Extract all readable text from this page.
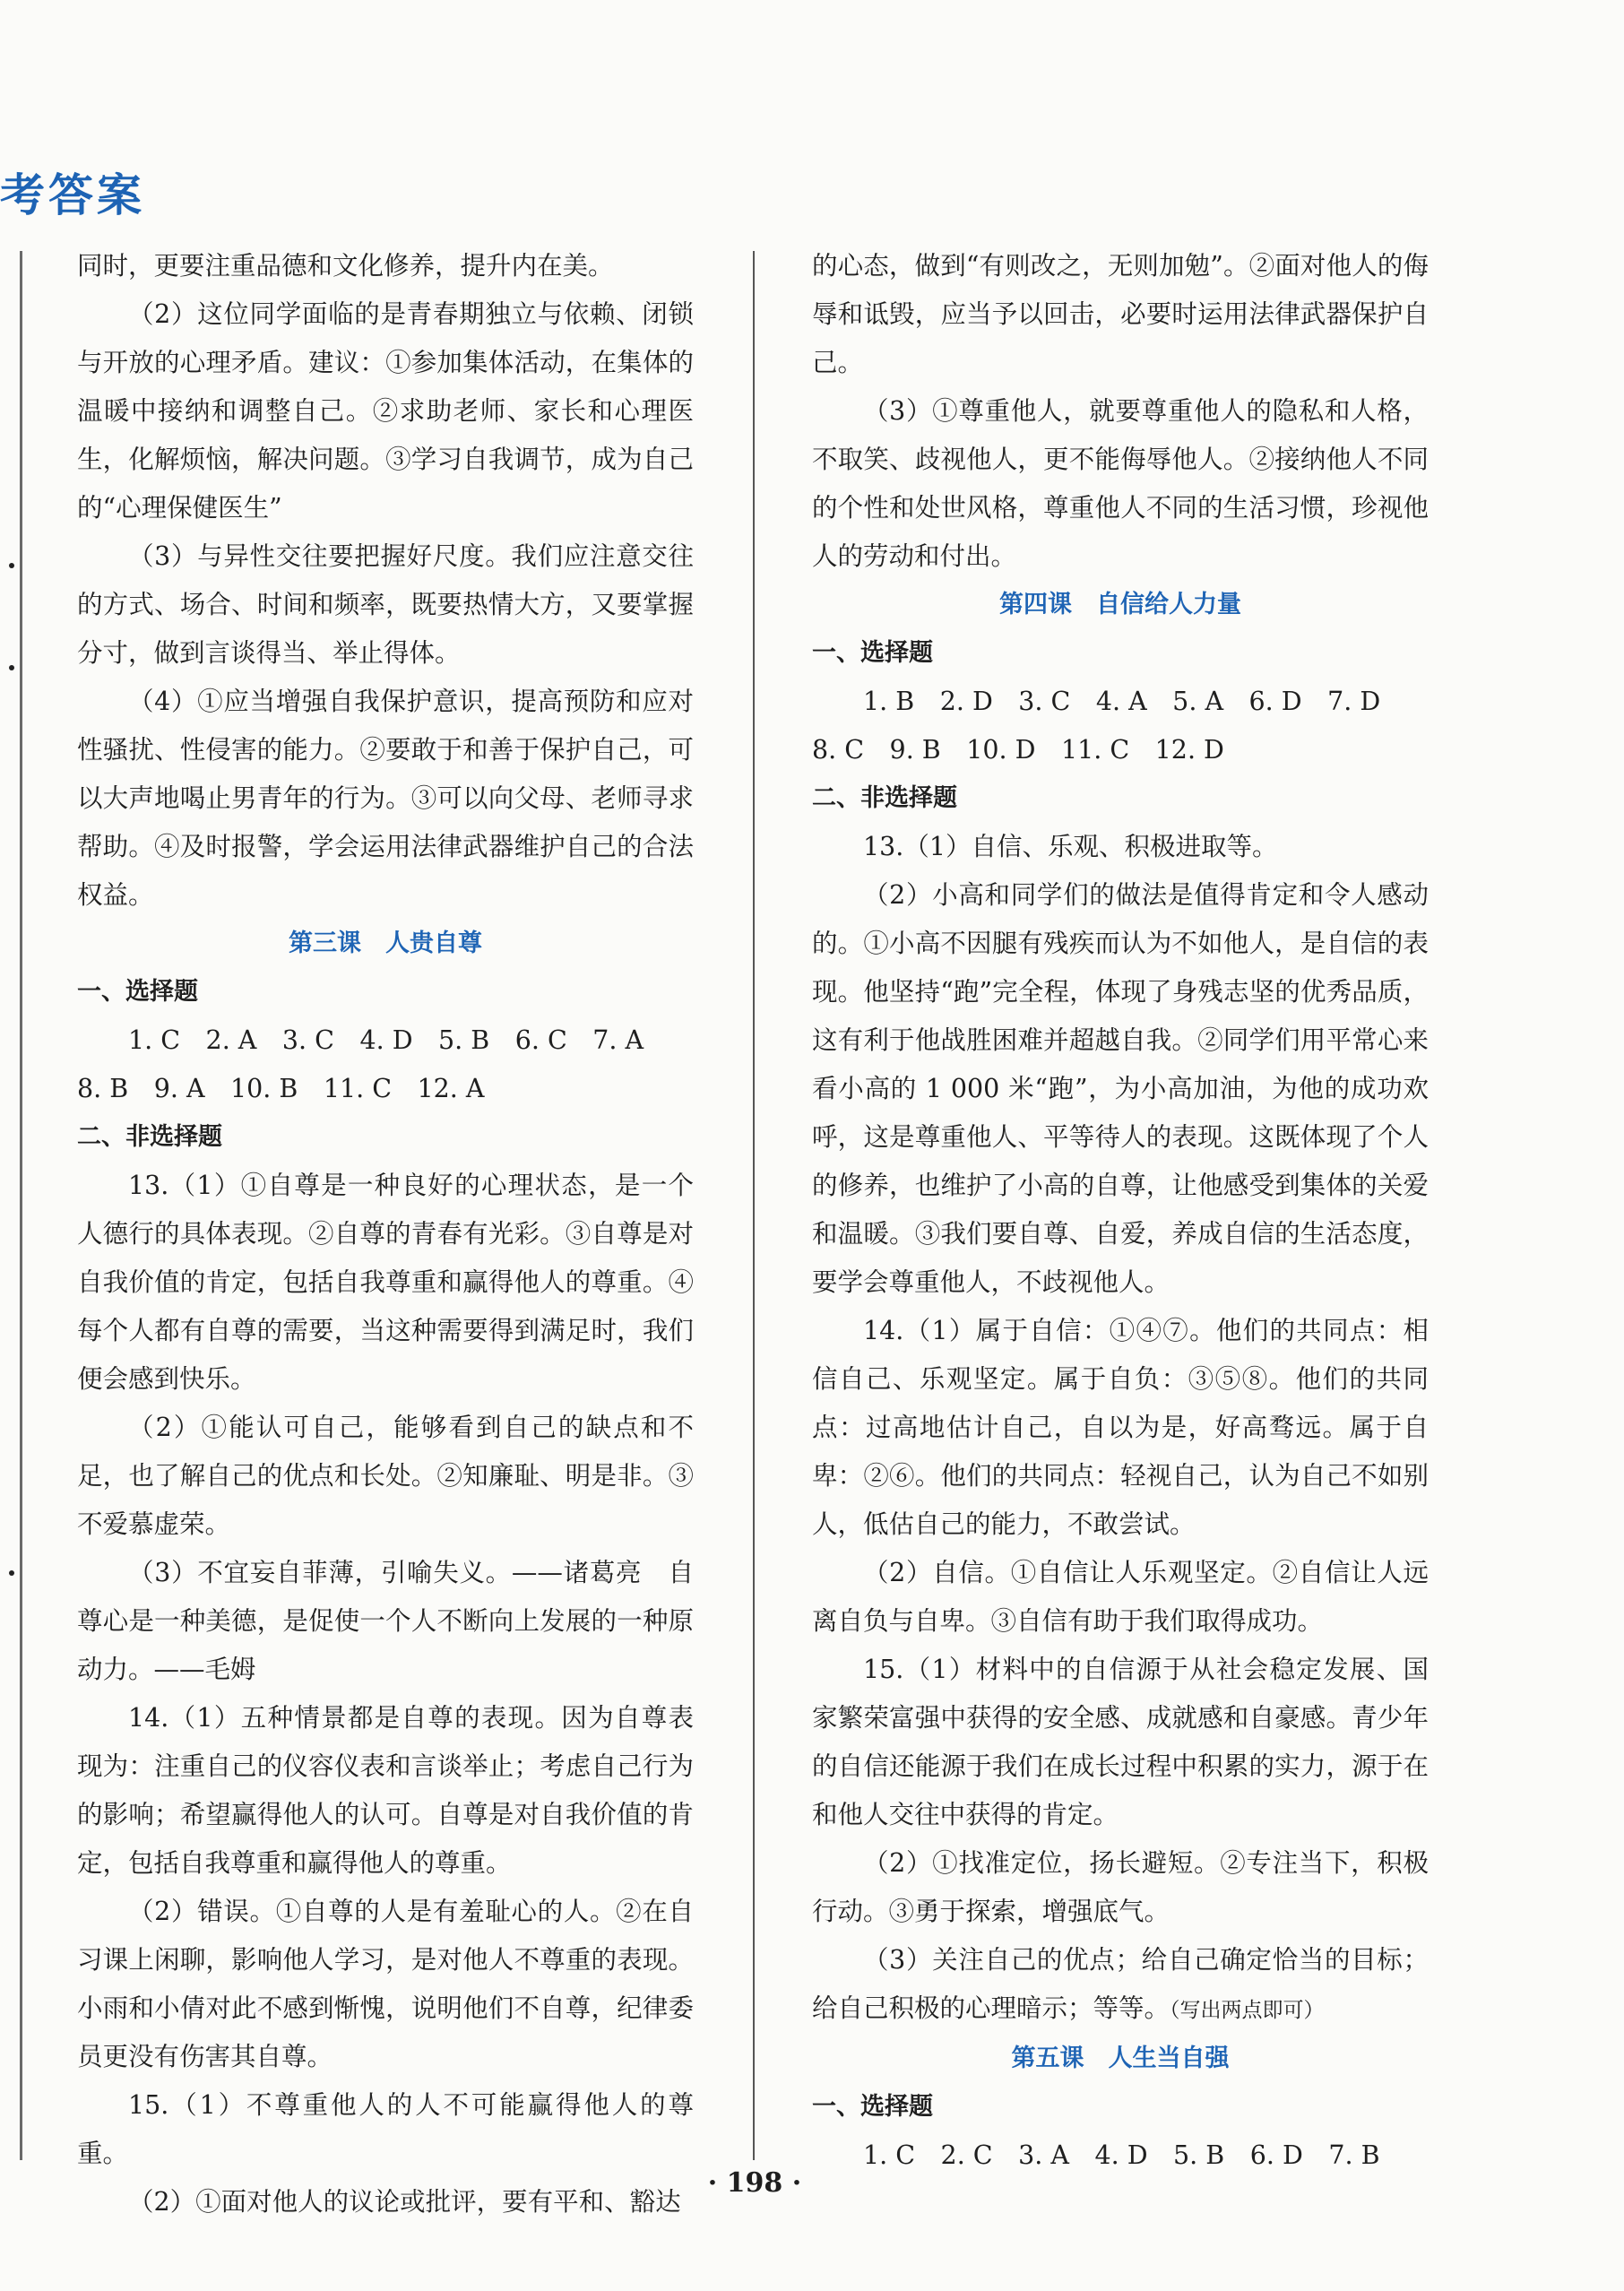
考答案

同时，更要注重品德和文化修养，提升内在美。

（2）这位同学面临的是青春期独立与依赖、闭锁与开放的心理矛盾。建议：①参加集体活动，在集体的温暖中接纳和调整自己。②求助老师、家长和心理医生，化解烦恼，解决问题。③学习自我调节，成为自己的“心理保健医生”

（3）与异性交往要把握好尺度。我们应注意交往的方式、场合、时间和频率，既要热情大方，又要掌握分寸，做到言谈得当、举止得体。

（4）①应当增强自我保护意识，提高预防和应对性骚扰、性侵害的能力。②要敢于和善于保护自己，可以大声地喝止男青年的行为。③可以向父母、老师寻求帮助。④及时报警，学会运用法律武器维护自己的合法权益。

第三课　人贵自尊

一、选择题

1. C　2. A　3. C　4. D　5. B　6. C　7. A

8. B　9. A　10. B　11. C　12. A

二、非选择题

13.（1）①自尊是一种良好的心理状态，是一个人德行的具体表现。②自尊的青春有光彩。③自尊是对自我价值的肯定，包括自我尊重和赢得他人的尊重。④每个人都有自尊的需要，当这种需要得到满足时，我们便会感到快乐。

（2）①能认可自己，能够看到自己的缺点和不足，也了解自己的优点和长处。②知廉耻、明是非。③不爱慕虚荣。

（3）不宜妄自菲薄，引喻失义。——诸葛亮　自尊心是一种美德，是促使一个人不断向上发展的一种原动力。——毛姆

14.（1）五种情景都是自尊的表现。因为自尊表现为：注重自己的仪容仪表和言谈举止；考虑自己行为的影响；希望赢得他人的认可。自尊是对自我价值的肯定，包括自我尊重和赢得他人的尊重。

（2）错误。①自尊的人是有羞耻心的人。②在自习课上闲聊，影响他人学习，是对他人不尊重的表现。小雨和小倩对此不感到惭愧，说明他们不自尊，纪律委员更没有伤害其自尊。

15.（1）不尊重他人的人不可能赢得他人的尊重。

（2）①面对他人的议论或批评，要有平和、豁达

的心态，做到“有则改之，无则加勉”。②面对他人的侮辱和诋毁，应当予以回击，必要时运用法律武器保护自己。

（3）①尊重他人，就要尊重他人的隐私和人格，不取笑、歧视他人，更不能侮辱他人。②接纳他人不同的个性和处世风格，尊重他人不同的生活习惯，珍视他人的劳动和付出。

第四课　自信给人力量

一、选择题

1. B　2. D　3. C　4. A　5. A　6. D　7. D

8. C　9. B　10. D　11. C　12. D

二、非选择题

13.（1）自信、乐观、积极进取等。

（2）小高和同学们的做法是值得肯定和令人感动的。①小高不因腿有残疾而认为不如他人，是自信的表现。他坚持“跑”完全程，体现了身残志坚的优秀品质，这有利于他战胜困难并超越自我。②同学们用平常心来看小高的 1 000 米“跑”，为小高加油，为他的成功欢呼，这是尊重他人、平等待人的表现。这既体现了个人的修养，也维护了小高的自尊，让他感受到集体的关爱和温暖。③我们要自尊、自爱，养成自信的生活态度，要学会尊重他人，不歧视他人。

14.（1）属于自信：①④⑦。他们的共同点：相信自己、乐观坚定。属于自负：③⑤⑧。他们的共同点：过高地估计自己，自以为是，好高骛远。属于自卑：②⑥。他们的共同点：轻视自己，认为自己不如别人，低估自己的能力，不敢尝试。

（2）自信。①自信让人乐观坚定。②自信让人远离自负与自卑。③自信有助于我们取得成功。

15.（1）材料中的自信源于从社会稳定发展、国家繁荣富强中获得的安全感、成就感和自豪感。青少年的自信还能源于我们在成长过程中积累的实力，源于在和他人交往中获得的肯定。

（2）①找准定位，扬长避短。②专注当下，积极行动。③勇于探索，增强底气。

（3）关注自己的优点；给自己确定恰当的目标；给自己积极的心理暗示；等等。（写出两点即可）

第五课　人生当自强

一、选择题

1. C　2. C　3. A　4. D　5. B　6. D　7. B

· 198 ·
